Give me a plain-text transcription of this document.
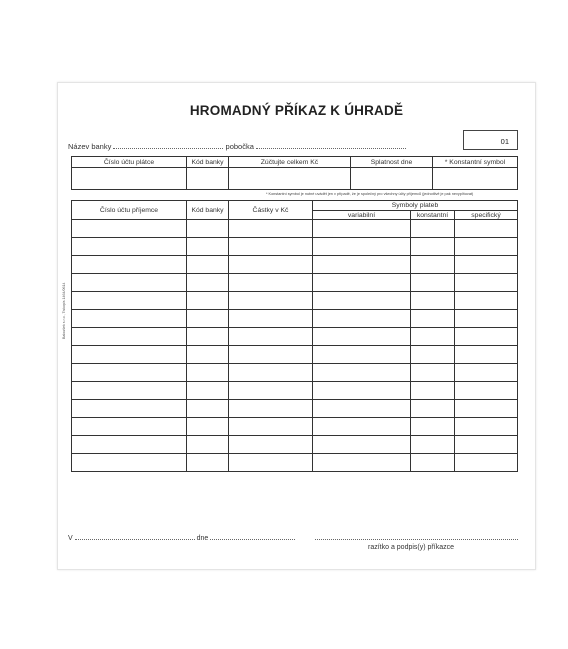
HROMADNÝ PŘÍKAZ K ÚHRADĚ
Název banky	pobočka
01
Číslo účtu plátce	Kód banky	Zúčtujte celkem Kč	Splatnost dne	* Konstantní symbol

* Konstantní symbol je nutné uvádět jen v případě, že je společný pro všechny účty příjemců (jednotlivě je pak nevyplňovat)
Baloušek s.r.o., Tiskopis 1464/0614
Číslo účtu příjemce	Kód banky	Částky v Kč	Symboly plateb		
			variabilní	konstantní	specifický

V	dne
razítko a podpis(y) příkazce
